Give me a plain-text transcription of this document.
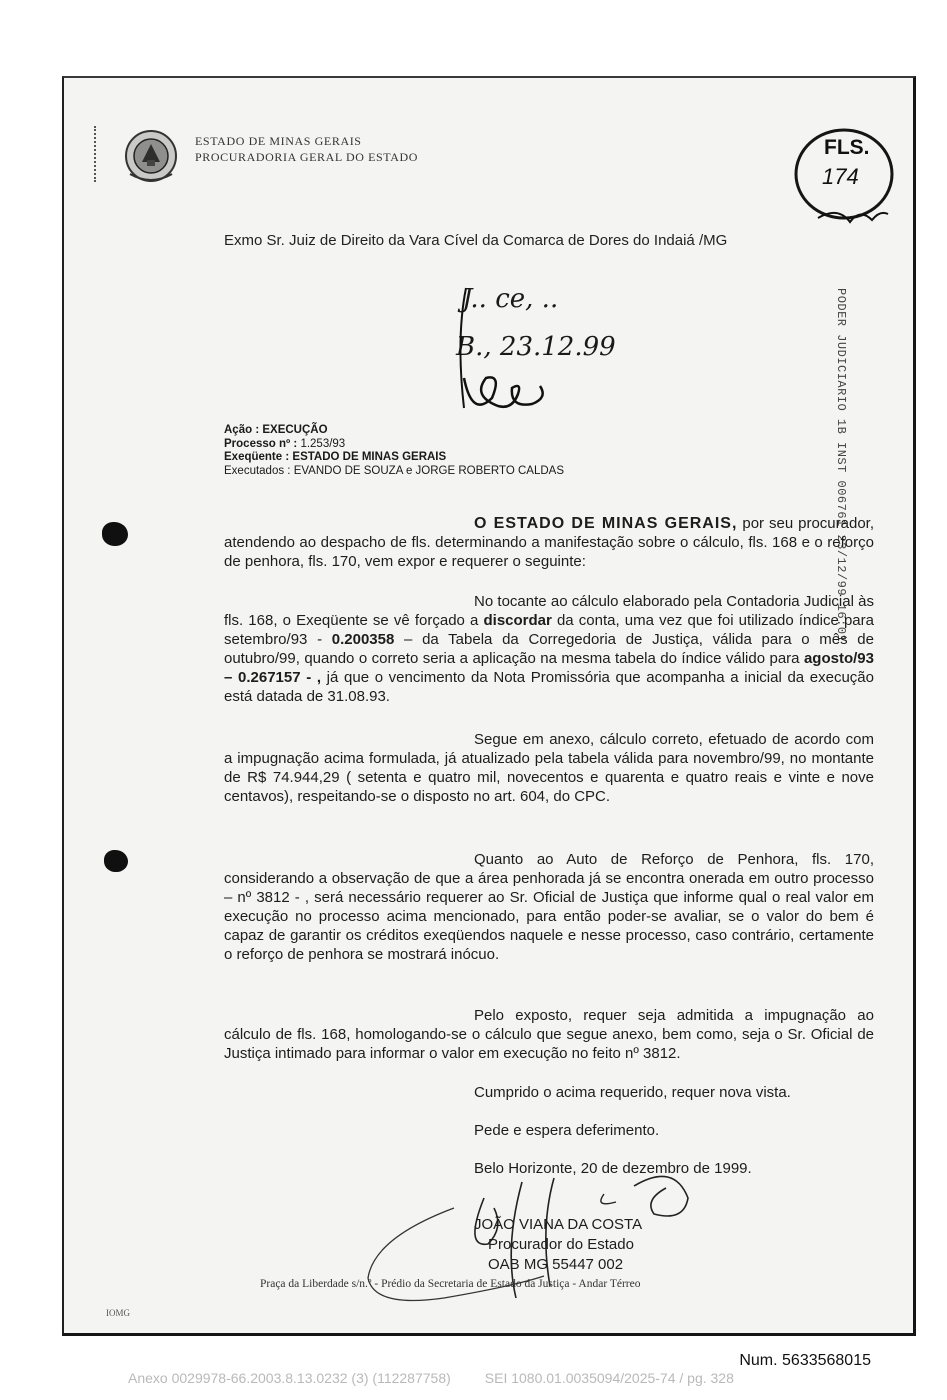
ESTADO DE MINAS GERAIS
PROCURADORIA GERAL DO ESTADO	FLS.
174
Exmo Sr. Juiz de Direito da Vara Cível da Comarca de Dores do Indaiá /MG
J.. ce, ..
B., 23.12.99	PODER JUDICIARIO 1B INST 006761 23/12/99 16:01
Ação : EXECUÇÃO
Processo nº : 1.253/93
Exeqüente : ESTADO DE MINAS GERAIS
Executados : EVANDO DE SOUZA e JORGE ROBERTO CALDAS
O ESTADO DE MINAS GERAIS, por seu procurador, atendendo ao despacho de fls. determinando a manifestação sobre o cálculo, fls. 168 e o reforço de penhora, fls. 170, vem expor e requerer o seguinte:
No tocante ao cálculo elaborado pela Contadoria Judicial às fls. 168, o Exeqüente se vê forçado a discordar da conta, uma vez que foi utilizado índice para setembro/93 - 0.200358 – da Tabela da Corregedoria de Justiça, válida para o mês de outubro/99, quando o correto seria a aplicação na mesma tabela do índice válido para agosto/93 – 0.267157 - , já que o vencimento da Nota Promissória que acompanha a inicial da execução está datada de 31.08.93.
Segue em anexo, cálculo correto, efetuado de acordo com a impugnação acima formulada, já atualizado pela tabela válida para novembro/99, no montante de R$ 74.944,29 ( setenta e quatro mil, novecentos e quarenta e quatro reais e vinte e nove centavos), respeitando-se o disposto no art. 604, do CPC.
Quanto ao Auto de Reforço de Penhora, fls. 170, considerando a observação de que a área penhorada já se encontra onerada em outro processo – nº 3812 - , será necessário requerer ao Sr. Oficial de Justiça que informe qual o real valor em execução no processo acima mencionado, para então poder-se avaliar, se o valor do bem é capaz de garantir os créditos exeqüendos naquele e nesse processo, caso contrário, certamente o reforço de penhora se mostrará inócuo.
Pelo exposto, requer seja admitida a impugnação ao cálculo de fls. 168, homologando-se o cálculo que segue anexo, bem como, seja o Sr. Oficial de Justiça intimado para informar o valor em execução no feito nº 3812.
Cumprido o acima requerido, requer nova vista.
Pede e espera deferimento.
Belo Horizonte, 20 de dezembro de 1999.
JOÃO VIANA DA COSTA
Procurador do Estado
OAB MG 55447 002
Praça da Liberdade s/n.º - Prédio da Secretaria de Estado da Justiça - Andar Térreo
IOMG
Num. 5633568015
Anexo 0029978-66.2003.8.13.0232 (3) (112287758) SEI 1080.01.0035094/2025-74 / pg. 328
